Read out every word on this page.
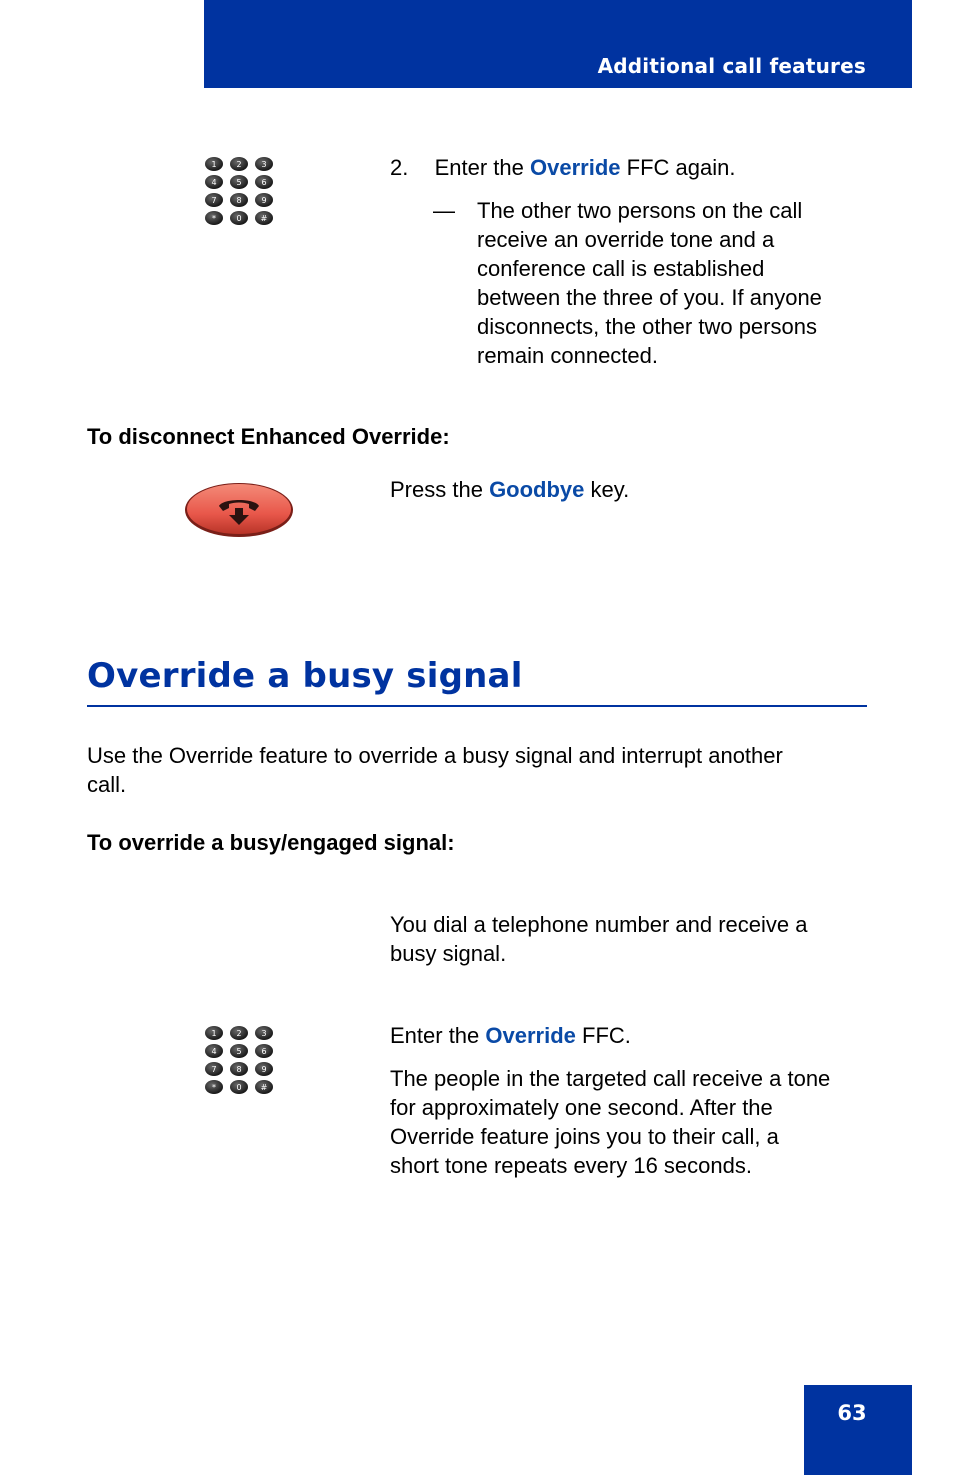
Additional call features
1 2 3
4 5 6
7 8 9
*	0 #
2. Enter the Override FFC again.
— The other two persons on the call
receive an override tone and a
conference call is established
between the three of you. If anyone
disconnects, the other two persons
remain connected.
To disconnect Enhanced Override:
Press the Goodbye key.
Override a busy signal
Use the Override feature to override a busy signal and interrupt another
call.
To override a busy/engaged signal:
You dial a telephone number and receive a
busy signal.
1 2 3
4 5 6
7 8 9
*	0 #
Enter the Override FFC.
The people in the targeted call receive a tone
for approximately one second. After the
Override feature joins you to their call, a
short tone repeats every 16 seconds.
63
